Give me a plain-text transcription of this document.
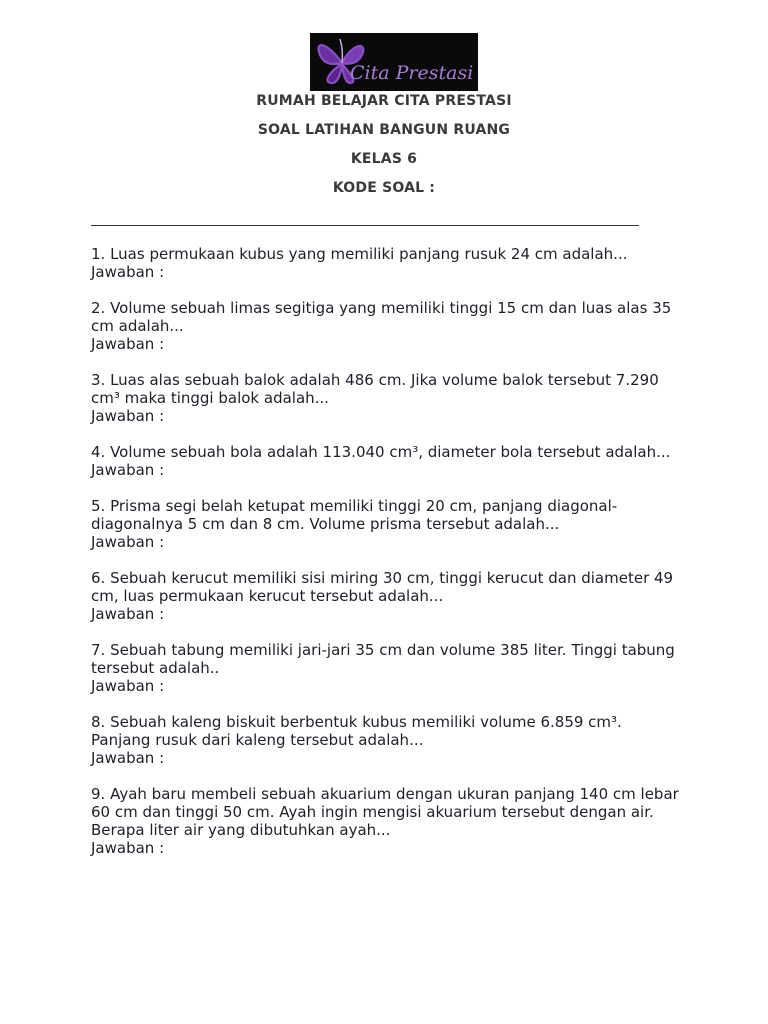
Cita Prestasi
RUMAH BELAJAR CITA PRESTASI
SOAL LATIHAN BANGUN RUANG
KELAS 6
KODE SOAL :
1. Luas permukaan kubus yang memiliki panjang rusuk 24 cm adalah...
Jawaban :
2. Volume sebuah limas segitiga yang memiliki tinggi 15 cm dan luas alas 35 cm adalah...
Jawaban :
3. Luas alas sebuah balok adalah 486 cm. Jika volume balok tersebut 7.290 cm³ maka tinggi balok adalah...
Jawaban :
4. Volume sebuah bola adalah 113.040 cm³, diameter bola tersebut adalah...
Jawaban :
5. Prisma segi belah ketupat memiliki tinggi 20 cm, panjang diagonal-diagonalnya 5 cm dan 8 cm. Volume prisma tersebut adalah...
Jawaban :
6. Sebuah kerucut memiliki sisi miring 30 cm, tinggi kerucut dan diameter 49 cm, luas permukaan kerucut tersebut adalah...
Jawaban :
7. Sebuah tabung memiliki jari-jari 35 cm dan volume 385 liter. Tinggi tabung tersebut adalah..
Jawaban :
8. Sebuah kaleng biskuit berbentuk kubus memiliki volume 6.859 cm³. Panjang rusuk dari kaleng tersebut adalah...
Jawaban :
9. Ayah baru membeli sebuah akuarium dengan ukuran panjang 140 cm lebar 60 cm dan tinggi 50 cm. Ayah ingin mengisi akuarium tersebut dengan air. Berapa liter air yang dibutuhkan ayah...
Jawaban :
